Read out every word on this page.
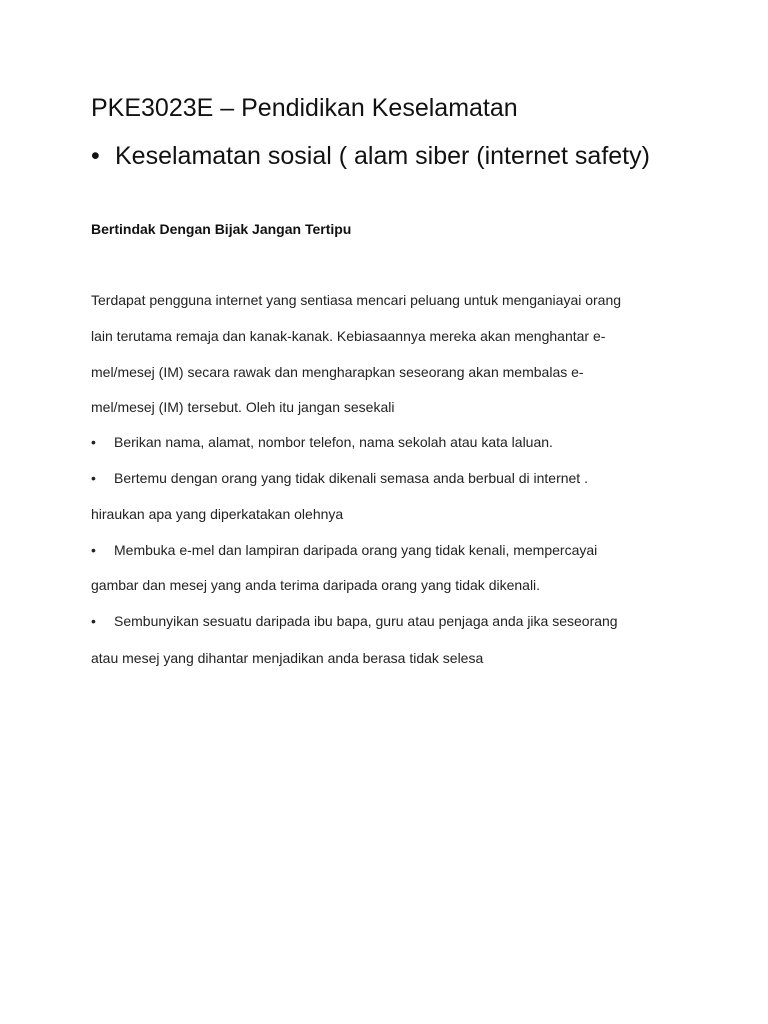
PKE3023E – Pendidikan Keselamatan
• Keselamatan sosial ( alam siber (internet safety)
Bertindak Dengan Bijak Jangan Tertipu
Terdapat pengguna internet yang sentiasa mencari peluang untuk menganiayai orang
lain terutama remaja dan kanak-kanak. Kebiasaannya mereka akan menghantar e-
mel/mesej (IM) secara rawak dan mengharapkan seseorang akan membalas e-
mel/mesej (IM) tersebut. Oleh itu jangan sesekali
• Berikan nama, alamat, nombor telefon, nama sekolah atau kata laluan.
• Bertemu dengan orang yang tidak dikenali semasa anda berbual di internet .
hiraukan apa yang diperkatakan olehnya
• Membuka e-mel dan lampiran daripada orang yang tidak kenali, mempercayai
gambar dan mesej yang anda terima daripada orang yang tidak dikenali.
• Sembunyikan sesuatu daripada ibu bapa, guru atau penjaga anda jika seseorang
atau mesej yang dihantar menjadikan anda berasa tidak selesa
